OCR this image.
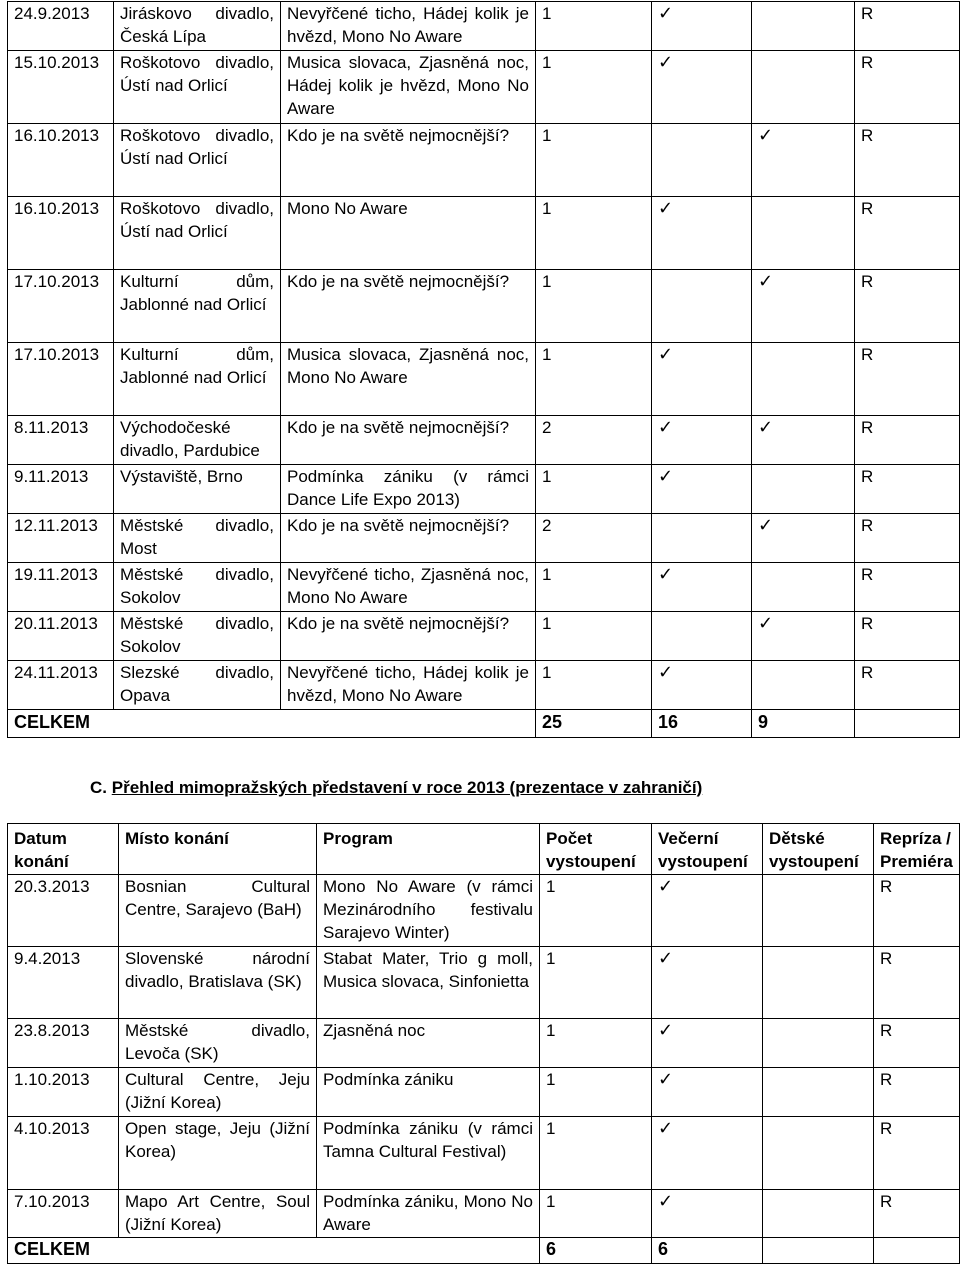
24.9.2013	Jiráskovo divadlo, Česká Lípa	Nevyřčené ticho, Hádej kolik je hvězd, Mono No Aware	1	✓		R
15.10.2013	Roškotovo divadlo, Ústí nad Orlicí	Musica slovaca, Zjasněná noc, Hádej kolik je hvězd, Mono No Aware	1	✓		R
16.10.2013	Roškotovo divadlo, Ústí nad Orlicí	Kdo je na světě nejmocnější?	1		✓	R
16.10.2013	Roškotovo divadlo, Ústí nad Orlicí	Mono No Aware	1	✓		R
17.10.2013	Kulturní dům, Jablonné nad Orlicí	Kdo je na světě nejmocnější?	1		✓	R
17.10.2013	Kulturní dům, Jablonné nad Orlicí	Musica slovaca, Zjasněná noc, Mono No Aware	1	✓		R
8.11.2013	Východočeské divadlo, Pardubice	Kdo je na světě nejmocnější?	2	✓	✓	R
9.11.2013	Výstaviště, Brno	Podmínka zániku (v rámci Dance Life Expo 2013)	1	✓		R
12.11.2013	Městské divadlo, Most	Kdo je na světě nejmocnější?	2		✓	R
19.11.2013	Městské divadlo, Sokolov	Nevyřčené ticho, Zjasněná noc, Mono No Aware	1	✓		R
20.11.2013	Městské divadlo, Sokolov	Kdo je na světě nejmocnější?	1		✓	R
24.11.2013	Slezské divadlo, Opava	Nevyřčené ticho, Hádej kolik je hvězd, Mono No Aware	1	✓		R
CELKEM			25	16	9	
C. Přehled mimopražských představení v roce 2013 (prezentace v zahraničí)
Datum konání	Místo konání	Program	Počet vystoupení	Večerní vystoupení	Dětské vystoupení	Repríza / Premiéra
20.3.2013	Bosnian Cultural Centre, Sarajevo (BaH)	Mono No Aware (v rámci Mezinárodního festivalu Sarajevo Winter)	1	✓		R
9.4.2013	Slovenské národní divadlo, Bratislava (SK)	Stabat Mater, Trio g moll, Musica slovaca, Sinfonietta	1	✓		R
23.8.2013	Městské divadlo, Levoča (SK)	Zjasněná noc	1	✓		R
1.10.2013	Cultural Centre, Jeju (Jižní Korea)	Podmínka zániku	1	✓		R
4.10.2013	Open stage, Jeju (Jižní Korea)	Podmínka zániku (v rámci Tamna Cultural Festival)	1	✓		R
7.10.2013	Mapo Art Centre, Soul (Jižní Korea)	Podmínka zániku, Mono No Aware	1	✓		R
CELKEM			6	6		
